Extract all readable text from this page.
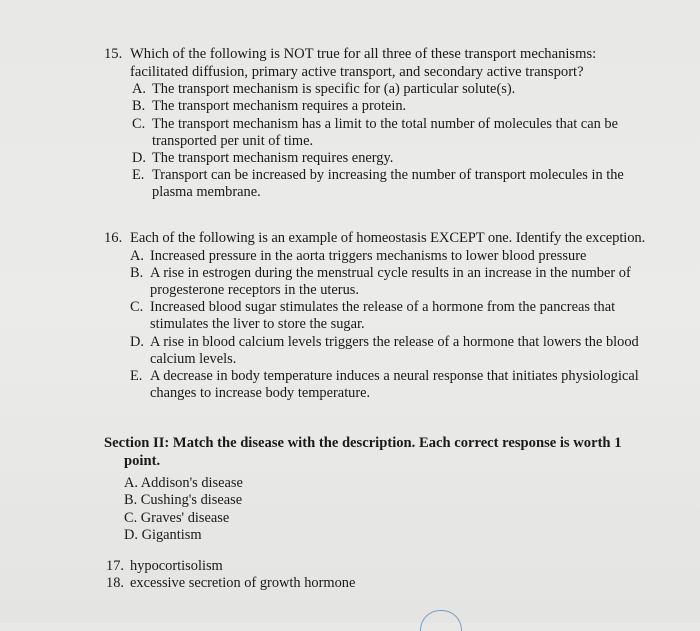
15. Which of the following is NOT true for all three of these transport mechanisms:
facilitated diffusion, primary active transport, and secondary active transport?
A. The transport mechanism is specific for (a) particular solute(s).
B. The transport mechanism requires a protein.
C. The transport mechanism has a limit to the total number of molecules that can be
transported per unit of time.
D. The transport mechanism requires energy.
E. Transport can be increased by increasing the number of transport molecules in the
plasma membrane.
16. Each of the following is an example of homeostasis EXCEPT one. Identify the exception.
A. Increased pressure in the aorta triggers mechanisms to lower blood pressure
B. A rise in estrogen during the menstrual cycle results in an increase in the number of
progesterone receptors in the uterus.
C. Increased blood sugar stimulates the release of a hormone from the pancreas that
stimulates the liver to store the sugar.
D. A rise in blood calcium levels triggers the release of a hormone that lowers the blood
calcium levels.
E. A decrease in body temperature induces a neural response that initiates physiological
changes to increase body temperature.
Section II: Match the disease with the description. Each correct response is worth 1
point.
A. Addison's disease
B. Cushing's disease
C. Graves' disease
D. Gigantism
17. hypocortisolism
18. excessive secretion of growth hormone
